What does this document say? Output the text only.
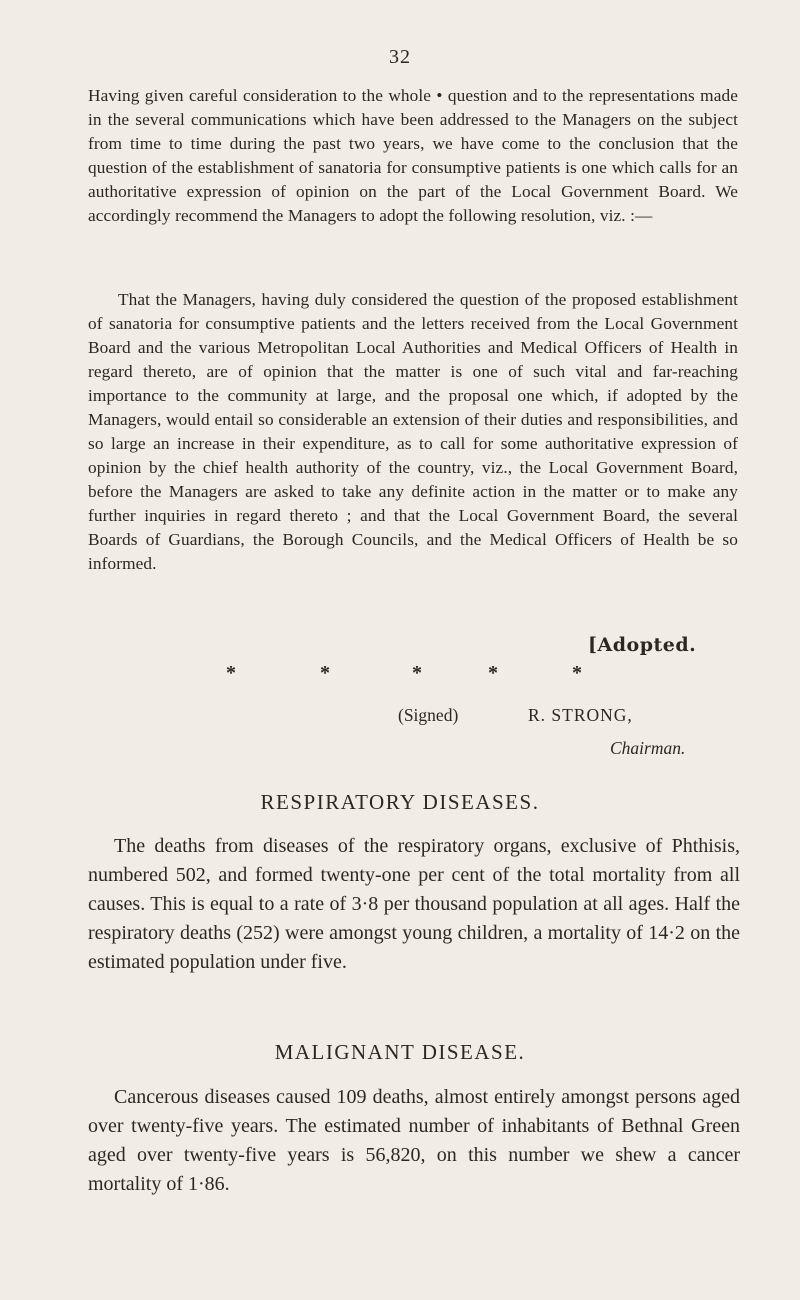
32

Having given careful consideration to the whole • question and to the representations made in the several communications which have been addressed to the Managers on the subject from time to time during the past two years, we have come to the conclusion that the question of the establishment of sanatoria for consumptive patients is one which calls for an authoritative expression of opinion on the part of the Local Government Board. We accordingly recommend the Managers to adopt the following resolution, viz. :—

That the Managers, having duly considered the question of the proposed establishment of sanatoria for consumptive patients and the letters received from the Local Government Board and the various Metropolitan Local Authorities and Medical Officers of Health in regard thereto, are of opinion that the matter is one of such vital and far-reaching importance to the community at large, and the proposal one which, if adopted by the Managers, would entail so considerable an extension of their duties and responsibilities, and so large an increase in their expenditure, as to call for some authoritative expression of opinion by the chief health authority of the country, viz., the Local Government Board, before the Managers are asked to take any definite action in the matter or to make any further inquiries in regard thereto ; and that the Local Government Board, the several Boards of Guardians, the Borough Councils, and the Medical Officers of Health be so informed.

[Adopted.
*	*	*	*	*
(Signed)	R. STRONG,
Chairman.
RESPIRATORY DISEASES.

The deaths from diseases of the respiratory organs, exclusive of Phthisis, numbered 502, and formed twenty-one per cent of the total mortality from all causes. This is equal to a rate of 3·8 per thousand population at all ages. Half the respiratory deaths (252) were amongst young children, a mortality of 14·2 on the estimated population under five.

MALIGNANT DISEASE.

Cancerous diseases caused 109 deaths, almost entirely amongst persons aged over twenty-five years. The estimated number of inhabitants of Bethnal Green aged over twenty-five years is 56,820, on this number we shew a cancer mortality of 1·86.
